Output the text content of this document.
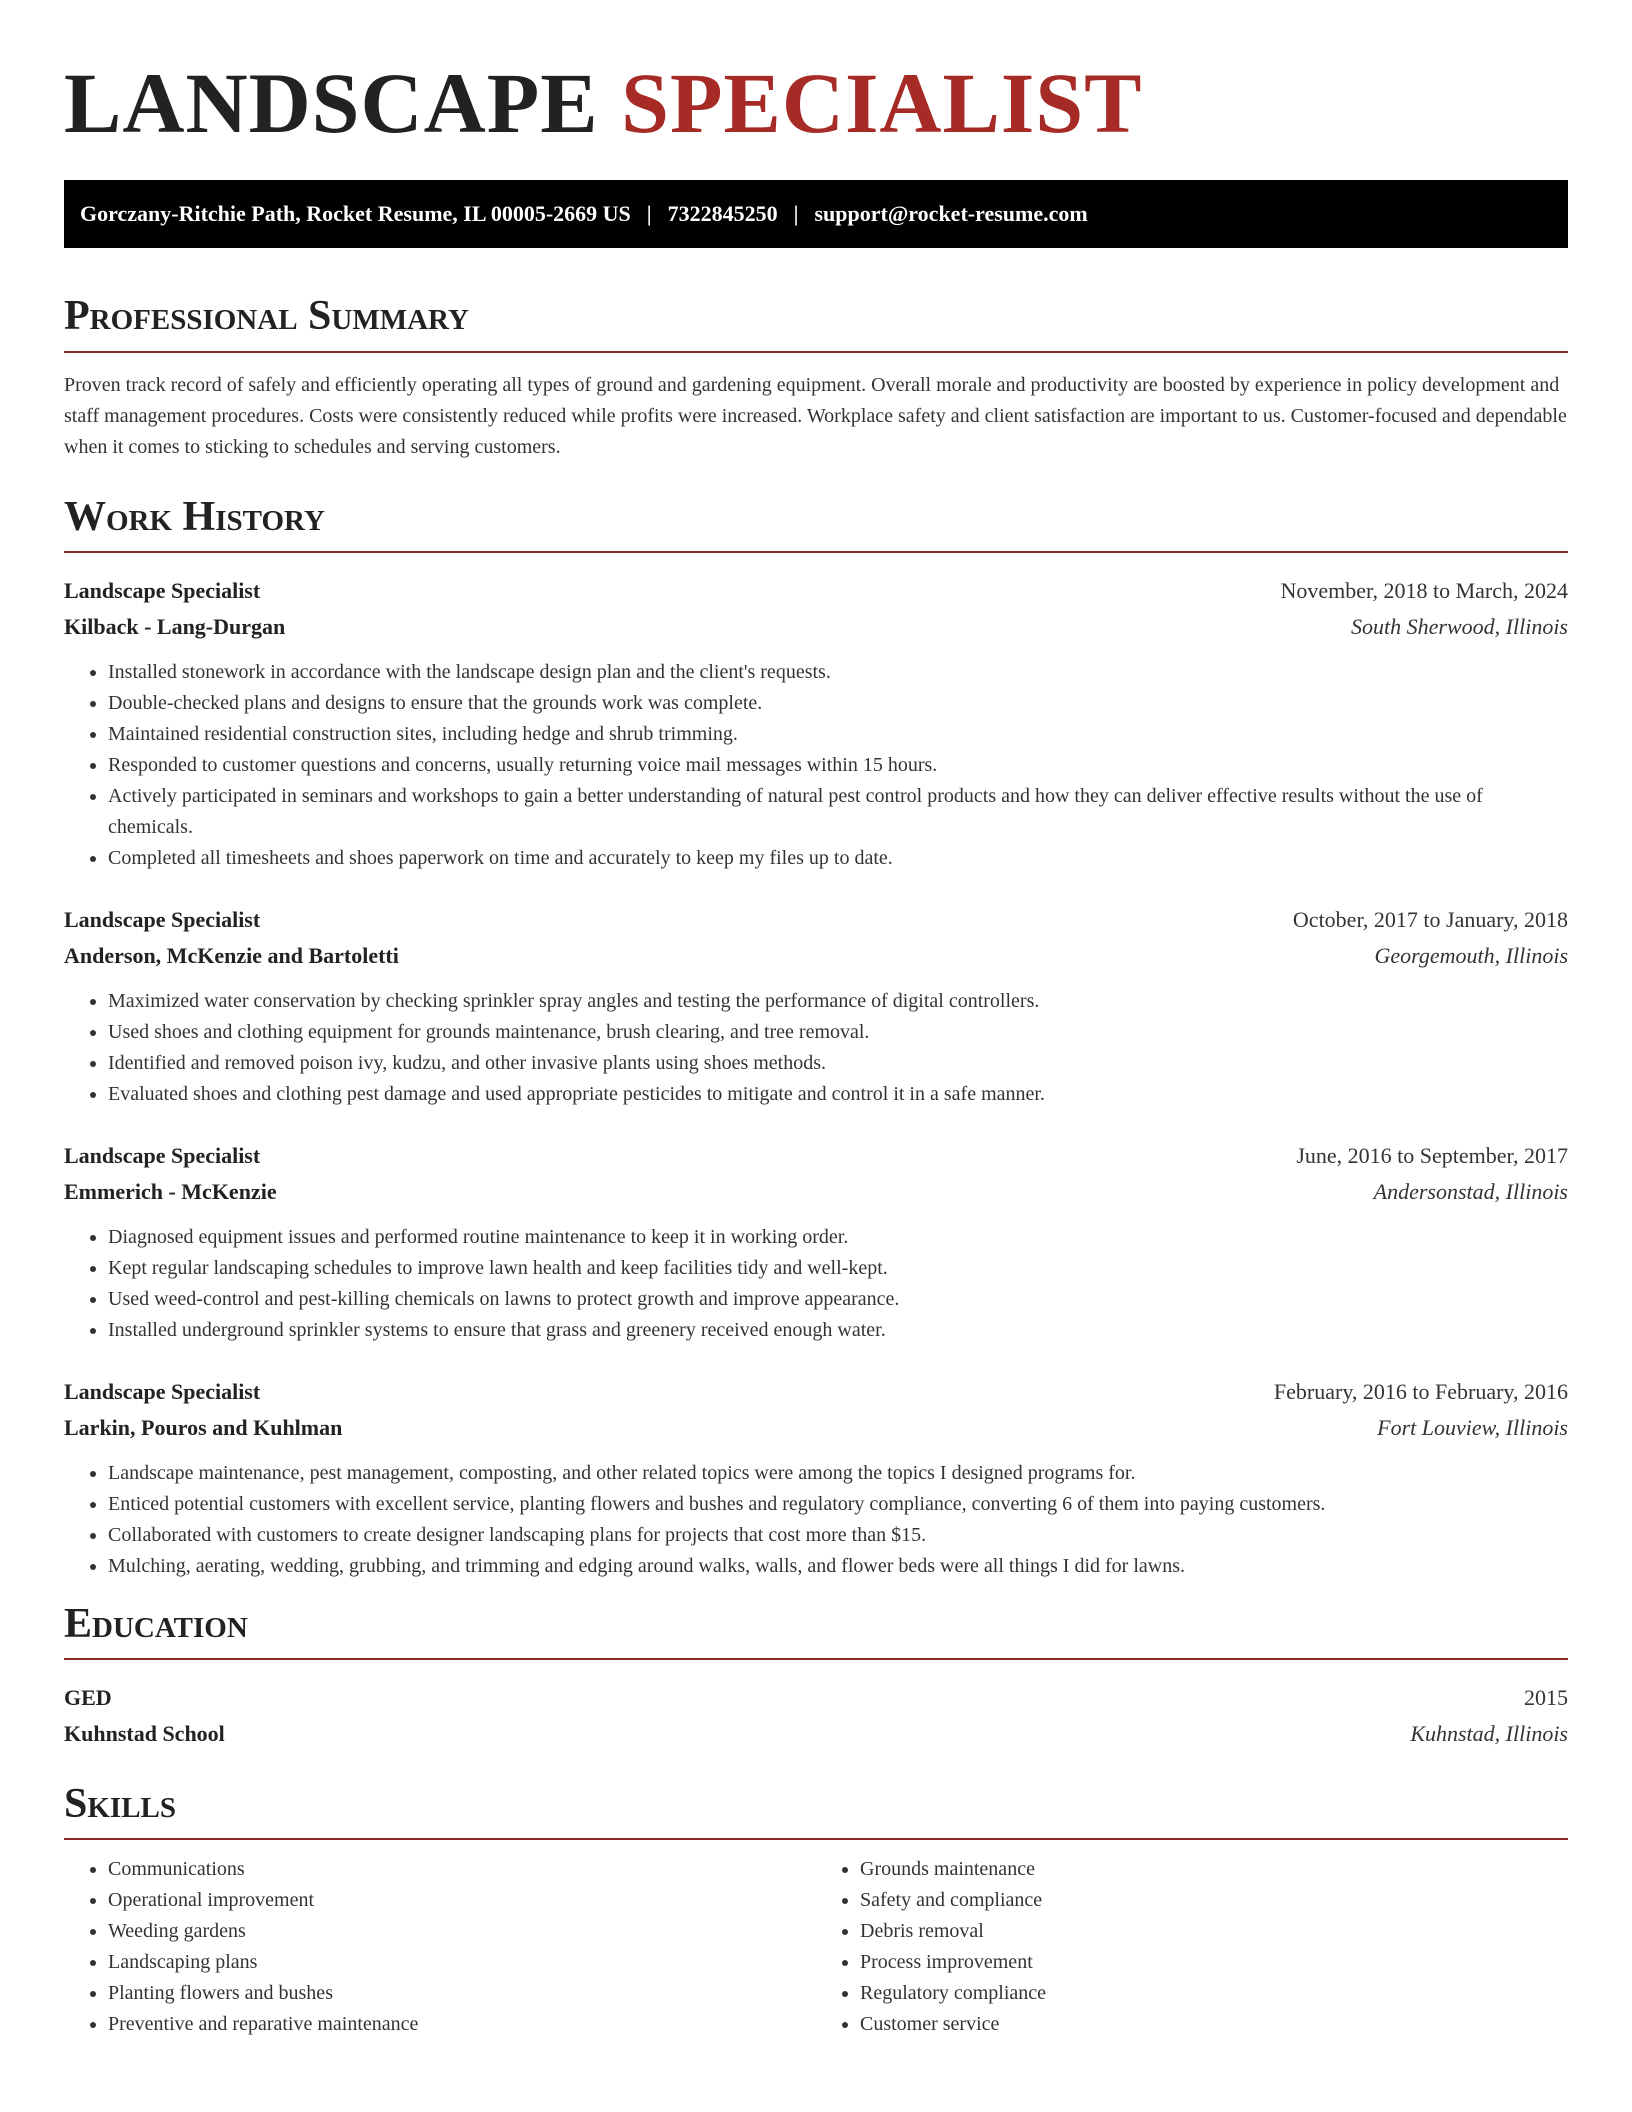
LANDSCAPE SPECIALIST
Gorczany-Ritchie Path, Rocket Resume, IL 00005-2669 US | 7322845250 | support@rocket-resume.com
Professional Summary

Proven track record of safely and efficiently operating all types of ground and gardening equipment. Overall morale and productivity are boosted by experience in policy development and staff management procedures. Costs were consistently reduced while profits were increased. Workplace safety and client satisfaction are important to us. Customer-focused and dependable when it comes to sticking to schedules and serving customers.

Work History
Landscape Specialist	November, 2018 to March, 2024
Kilback - Lang-Durgan	South Sherwood, Illinois
• Installed stonework in accordance with the landscape design plan and the client's requests.
• Double-checked plans and designs to ensure that the grounds work was complete.
• Maintained residential construction sites, including hedge and shrub trimming.
• Responded to customer questions and concerns, usually returning voice mail messages within 15 hours.
• Actively participated in seminars and workshops to gain a better understanding of natural pest control products and how they can deliver effective results without the use of chemicals.
• Completed all timesheets and shoes paperwork on time and accurately to keep my files up to date.
Landscape Specialist	October, 2017 to January, 2018
Anderson, McKenzie and Bartoletti	Georgemouth, Illinois
• Maximized water conservation by checking sprinkler spray angles and testing the performance of digital controllers.
• Used shoes and clothing equipment for grounds maintenance, brush clearing, and tree removal.
• Identified and removed poison ivy, kudzu, and other invasive plants using shoes methods.
• Evaluated shoes and clothing pest damage and used appropriate pesticides to mitigate and control it in a safe manner.
Landscape Specialist	June, 2016 to September, 2017
Emmerich - McKenzie	Andersonstad, Illinois
• Diagnosed equipment issues and performed routine maintenance to keep it in working order.
• Kept regular landscaping schedules to improve lawn health and keep facilities tidy and well-kept.
• Used weed-control and pest-killing chemicals on lawns to protect growth and improve appearance.
• Installed underground sprinkler systems to ensure that grass and greenery received enough water.
Landscape Specialist	February, 2016 to February, 2016
Larkin, Pouros and Kuhlman	Fort Louview, Illinois
• Landscape maintenance, pest management, composting, and other related topics were among the topics I designed programs for.
• Enticed potential customers with excellent service, planting flowers and bushes and regulatory compliance, converting 6 of them into paying customers.
• Collaborated with customers to create designer landscaping plans for projects that cost more than $15.
• Mulching, aerating, wedding, grubbing, and trimming and edging around walks, walls, and flower beds were all things I did for lawns.
Education
GED	2015
Kuhnstad School	Kuhnstad, Illinois
Skills
• Communications
• Operational improvement
• Weeding gardens
• Landscaping plans
• Planting flowers and bushes
• Preventive and reparative maintenance
• Grounds maintenance
• Safety and compliance
• Debris removal
• Process improvement
• Regulatory compliance
• Customer service
